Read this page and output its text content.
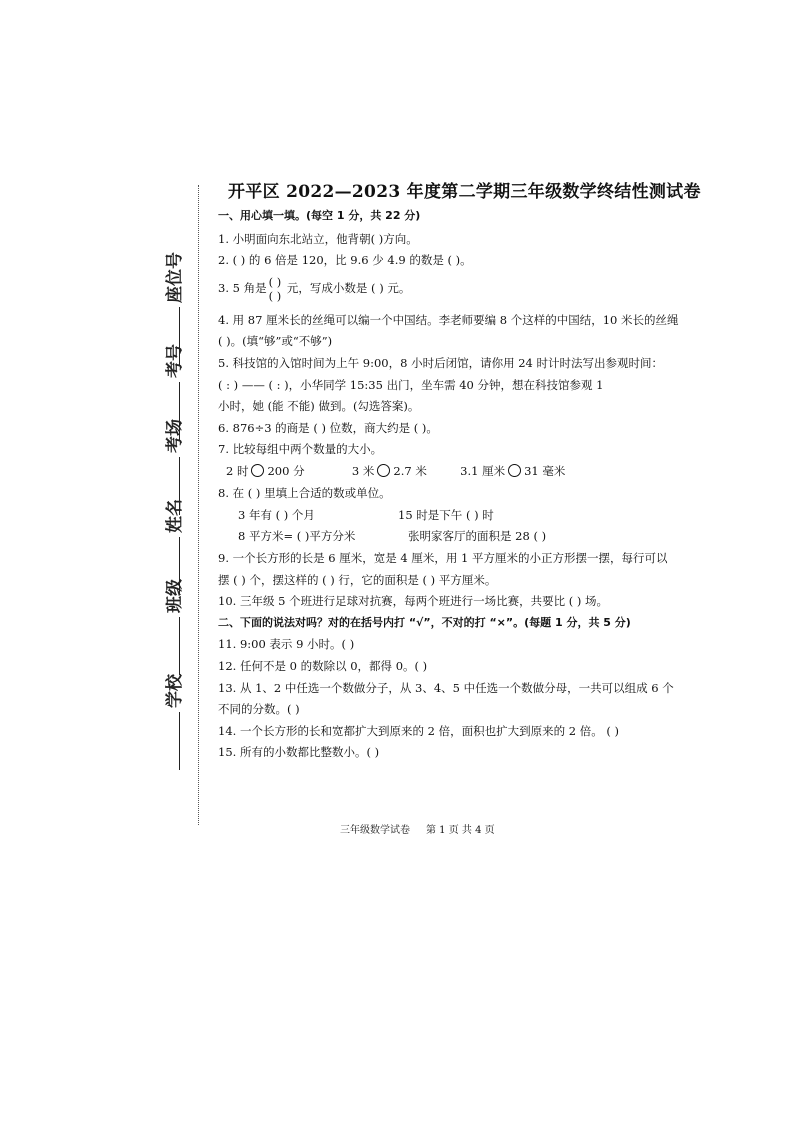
座位号
考号
考场
姓名
班级
学校
开平区 2022—2023 年度第二学期三年级数学终结性测试卷
一、用心填一填。(每空 1 分，共 22 分)
1. 小明面向东北站立，他背朝( )方向。
2. ( ) 的 6 倍是 120，比 9.6 少 4.9 的数是 ( )。
3. 5 角是 ( )
( ) 元，写成小数是 ( ) 元。
4. 用 87 厘米长的丝绳可以编一个中国结。李老师要编 8 个这样的中国结，10 米长的丝绳
( )。(填“够”或“不够”)
5. 科技馆的入馆时间为上午 9:00，8 小时后闭馆，请你用 24 时计时法写出参观时间：
( : ) —— ( : )，小华同学 15:35 出门，坐车需 40 分钟，想在科技馆参观 1
小时，她 (能 不能) 做到。(勾选答案)。
6. 876÷3 的商是 ( ) 位数，商大约是 ( )。
7. 比较每组中两个数量的大小。
2 时 200 分	3 米 2.7 米	3.1 厘米 31 毫米
8. 在 ( ) 里填上合适的数或单位。
3 年有 ( ) 个月	15 时是下午 ( ) 时
8 平方米= ( )平方分米	张明家客厅的面积是 28 ( )
9. 一个长方形的长是 6 厘米，宽是 4 厘米，用 1 平方厘米的小正方形摆一摆，每行可以
摆 ( ) 个，摆这样的 ( ) 行，它的面积是 ( ) 平方厘米。
10. 三年级 5 个班进行足球对抗赛，每两个班进行一场比赛，共要比 ( ) 场。
二、下面的说法对吗？对的在括号内打 “√”，不对的打 “×”。(每题 1 分，共 5 分)
11. 9:00 表示 9 小时。( )
12. 任何不是 0 的数除以 0，都得 0。( )
13. 从 1、2 中任选一个数做分子，从 3、4、5 中任选一个数做分母，一共可以组成 6 个
不同的分数。( )
14. 一个长方形的长和宽都扩大到原来的 2 倍，面积也扩大到原来的 2 倍。 ( )
15. 所有的小数都比整数小。( )
三年级数学试卷 第 1 页 共 4 页
